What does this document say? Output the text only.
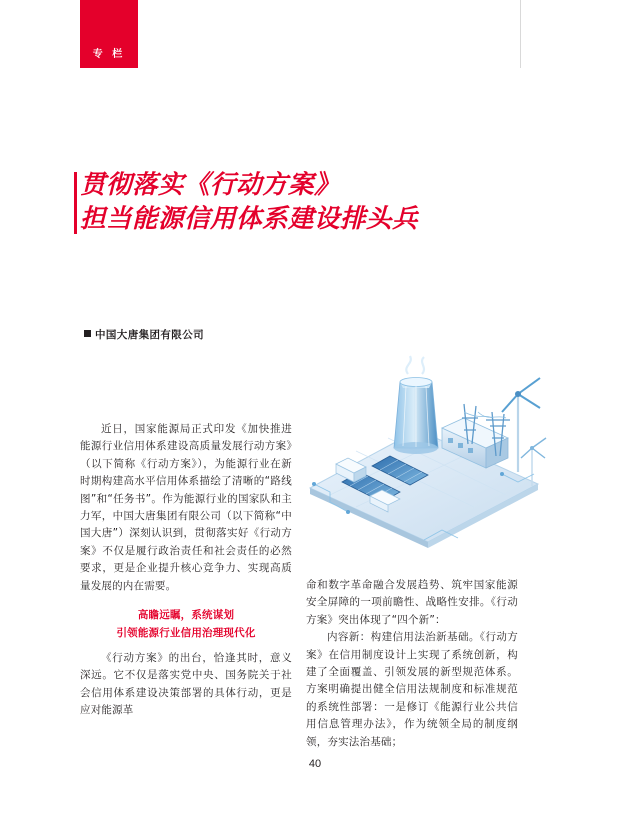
专 栏
贯彻落实《行动方案》
担当能源信用体系建设排头兵
中国大唐集团有限公司

近日，国家能源局正式印发《加快推进能源行业信用体系建设高质量发展行动方案》（以下简称《行动方案》），为能源行业在新时期构建高水平信用体系描绘了清晰的“路线图”和“任务书”。作为能源行业的国家队和主力军，中国大唐集团有限公司（以下简称“中国大唐”）深刻认识到，贯彻落实好《行动方案》不仅是履行政治责任和社会责任的必然要求，更是企业提升核心竞争力、实现高质量发展的内在需要。

高瞻远瞩，系统谋划

引领能源行业信用治理现代化

《行动方案》的出台，恰逢其时，意义深远。它不仅是落实党中央、国务院关于社会信用体系建设决策部署的具体行动，更是应对能源革

命和数字革命融合发展趋势、筑牢国家能源安全屏障的一项前瞻性、战略性安排。《行动方案》突出体现了“四个新”：

内容新：构建信用法治新基础。《行动方案》在信用制度设计上实现了系统创新，构建了全面覆盖、引领发展的新型规范体系。方案明确提出健全信用法规制度和标准规范的系统性部署：一是修订《能源行业公共信用信息管理办法》，作为统领全局的制度纲领，夯实法治基础；

40
